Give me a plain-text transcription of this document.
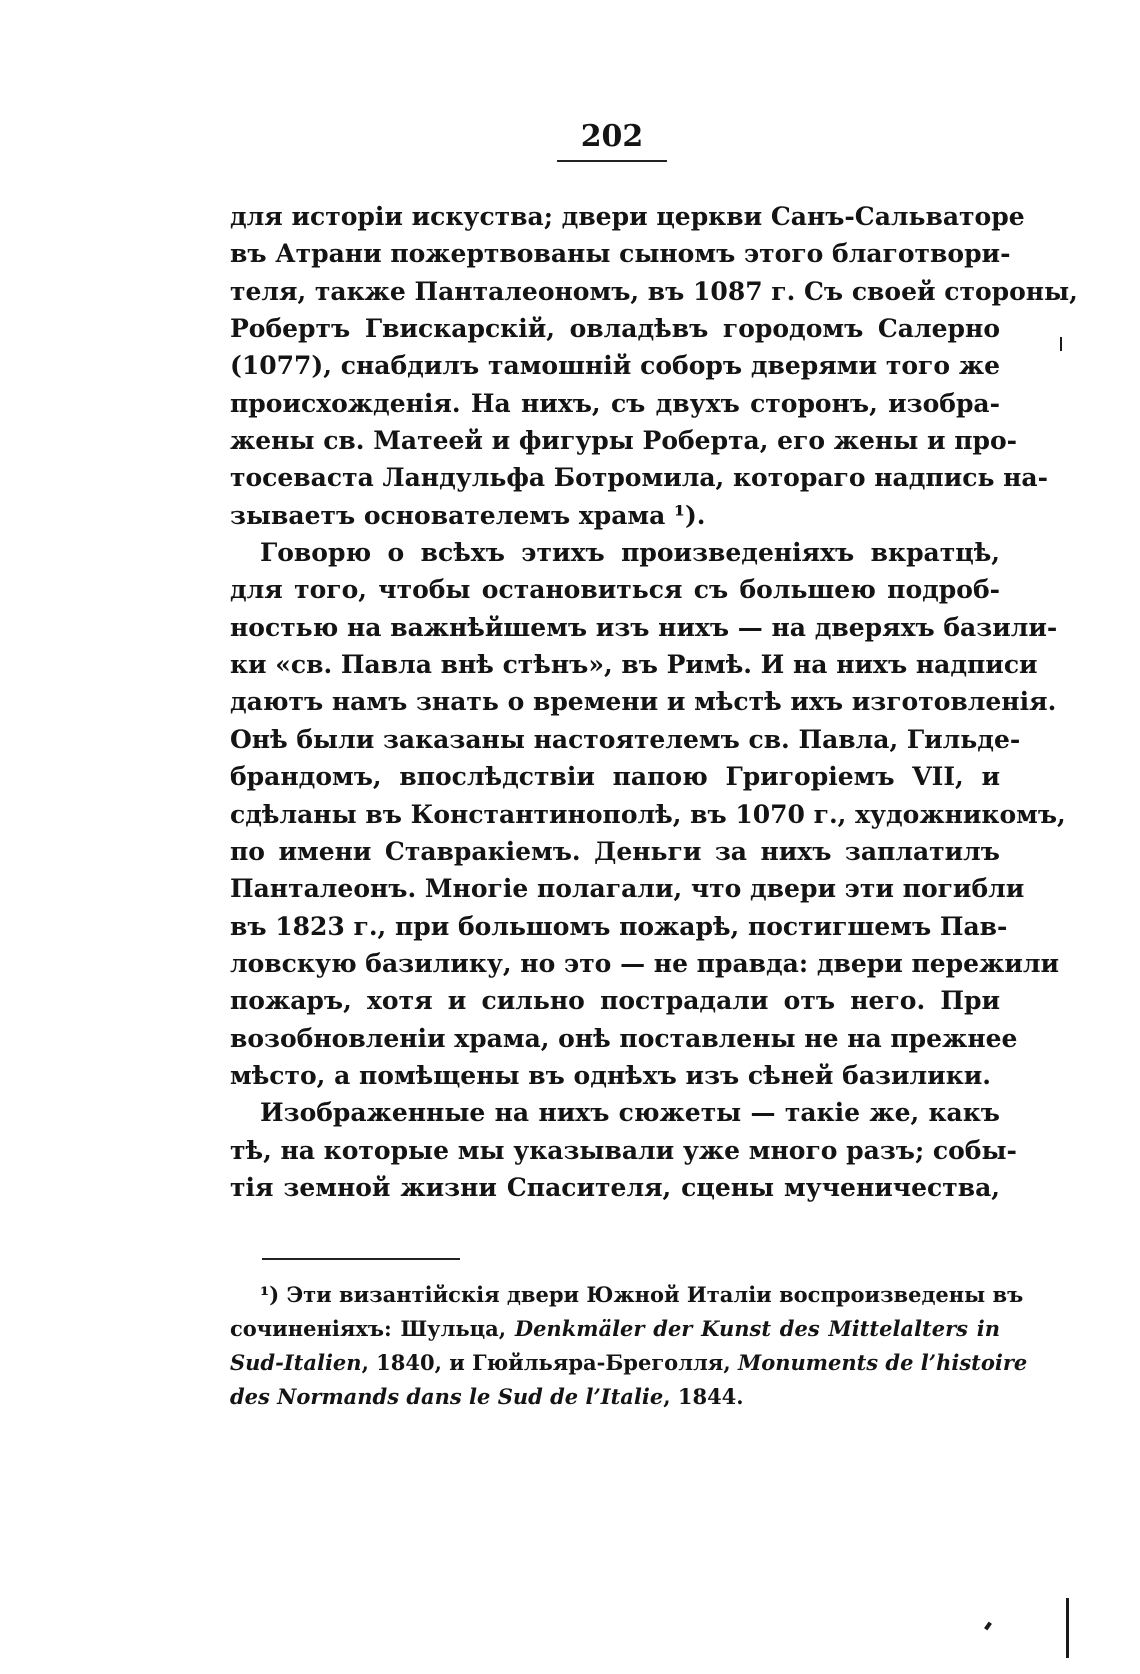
202
для исторіи искуства; двери церкви Санъ-Сальваторе
въ Атрани пожертвованы сыномъ этого благотвори-
теля, также Панталеономъ, въ 1087 г. Съ своей стороны,
Робертъ Гвискарскій, овладѣвъ городомъ Салерно
(1077), снабдилъ тамошній соборъ дверями того же
происхожденія. На нихъ, съ двухъ сторонъ, изобра-
жены св. Матеей и фигуры Роберта, его жены и про-
тосеваста Ландульфа Ботромила, котораго надпись на-
зываетъ основателемъ храма ¹).
Говорю о всѣхъ этихъ произведеніяхъ вкратцѣ,
для того, чтобы остановиться съ большею подроб-
ностью на важнѣйшемъ изъ нихъ — на дверяхъ базили-
ки «св. Павла внѣ стѣнъ», въ Римѣ. И на нихъ надписи
даютъ намъ знать о времени и мѣстѣ ихъ изготовленія.
Онѣ были заказаны настоятелемъ св. Павла, Гильде-
брандомъ, впослѣдствіи папою Григоріемъ VII, и
сдѣланы въ Константинополѣ, въ 1070 г., художникомъ,
по имени Ставракіемъ. Деньги за нихъ заплатилъ
Панталеонъ. Многіе полагали, что двери эти погибли
въ 1823 г., при большомъ пожарѣ, постигшемъ Пав-
ловскую базилику, но это — не правда: двери пережили
пожаръ, хотя и сильно пострадали отъ него. При
возобновленіи храма, онѣ поставлены не на прежнее
мѣсто, а помѣщены въ однѣхъ изъ сѣней базилики.
Изображенные на нихъ сюжеты — такіе же, какъ
тѣ, на которые мы указывали уже много разъ; собы-
тія земной жизни Спасителя, сцены мученичества,
¹) Эти византійскія двери Южной Италіи воспроизведены въ
сочиненіяхъ: Шульца, Denkmäler der Kunst des Mittelalters in
Sud-Italien, 1840, и Гюйльяра-Бреголля, Monuments de l’histoire
des Normands dans le Sud de l’Italie, 1844.
